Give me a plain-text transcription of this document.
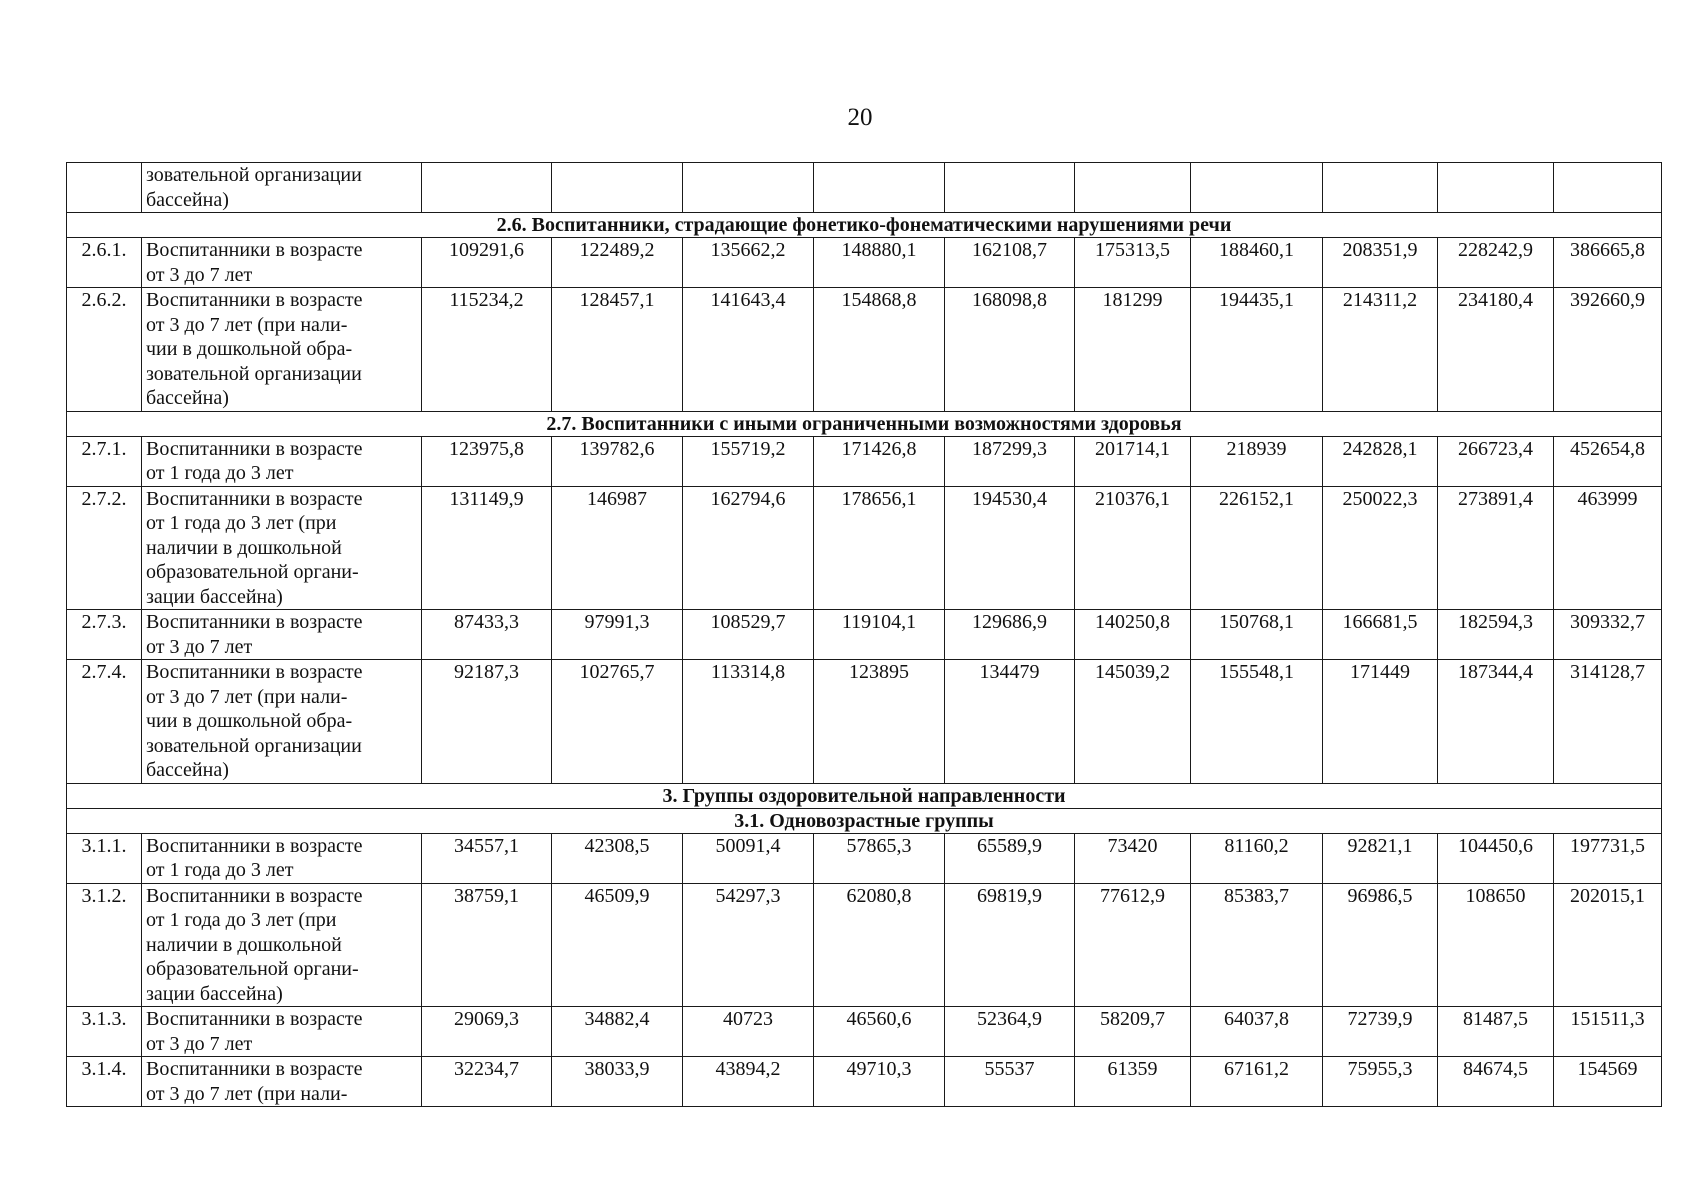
20

	зовательной организации
бассейна)										

2.6. Воспитанники, страдающие фонетико-фонематическими нарушениями речи											
2.6.1.	Воспитанники в возрасте
от 3 до 7 лет	109291,6	122489,2	135662,2	148880,1	162108,7	175313,5	188460,1	208351,9	228242,9	386665,8
2.6.2.	Воспитанники в возрасте
от 3 до 7 лет (при нали-
чии в дошкольной обра-
зовательной организации
бассейна)	115234,2	128457,1	141643,4	154868,8	168098,8	181299	194435,1	214311,2	234180,4	392660,9
2.7. Воспитанники с иными ограниченными возможностями здоровья											
2.7.1.	Воспитанники в возрасте
от 1 года до 3 лет	123975,8	139782,6	155719,2	171426,8	187299,3	201714,1	218939	242828,1	266723,4	452654,8
2.7.2.	Воспитанники в возрасте
от 1 года до 3 лет (при
наличии в дошкольной
образовательной органи-
зации бассейна)	131149,9	146987	162794,6	178656,1	194530,4	210376,1	226152,1	250022,3	273891,4	463999
2.7.3.	Воспитанники в возрасте
от 3 до 7 лет	87433,3	97991,3	108529,7	119104,1	129686,9	140250,8	150768,1	166681,5	182594,3	309332,7
2.7.4.	Воспитанники в возрасте
от 3 до 7 лет (при нали-
чии в дошкольной обра-
зовательной организации
бассейна)	92187,3	102765,7	113314,8	123895	134479	145039,2	155548,1	171449	187344,4	314128,7
3. Группы оздоровительной направленности											
3.1. Одновозрастные группы											
3.1.1.	Воспитанники в возрасте
от 1 года до 3 лет	34557,1	42308,5	50091,4	57865,3	65589,9	73420	81160,2	92821,1	104450,6	197731,5
3.1.2.	Воспитанники в возрасте
от 1 года до 3 лет (при
наличии в дошкольной
образовательной органи-
зации бассейна)	38759,1	46509,9	54297,3	62080,8	69819,9	77612,9	85383,7	96986,5	108650	202015,1
3.1.3.	Воспитанники в возрасте
от 3 до 7 лет	29069,3	34882,4	40723	46560,6	52364,9	58209,7	64037,8	72739,9	81487,5	151511,3
3.1.4.	Воспитанники в возрасте
от 3 до 7 лет (при нали-	32234,7	38033,9	43894,2	49710,3	55537	61359	67161,2	75955,3	84674,5	154569
